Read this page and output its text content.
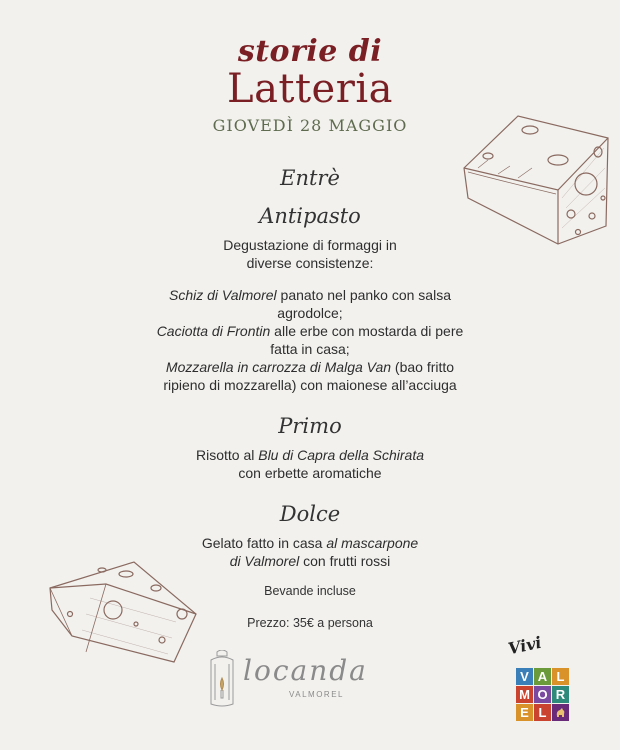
storie di
Latteria
GIOVEDÌ 28 MAGGIO
Entrè
Antipasto
Degustazione di formaggi in
diverse consistenze:
Schiz di Valmorel panato nel panko con salsa
agrodolce;
Caciotta di Frontin alle erbe con mostarda di pere
fatta in casa;
Mozzarella in carrozza di Malga Van (bao fritto
ripieno di mozzarella) con maionese all’acciuga
Primo
Risotto al Blu di Capra della Schirata
con erbette aromatiche
Dolce
Gelato fatto in casa al mascarpone
di Valmorel con frutti rossi
Bevande incluse
Prezzo: 35€ a persona
locanda
VALMOREL
Vivi
V A L
M O R
E L
